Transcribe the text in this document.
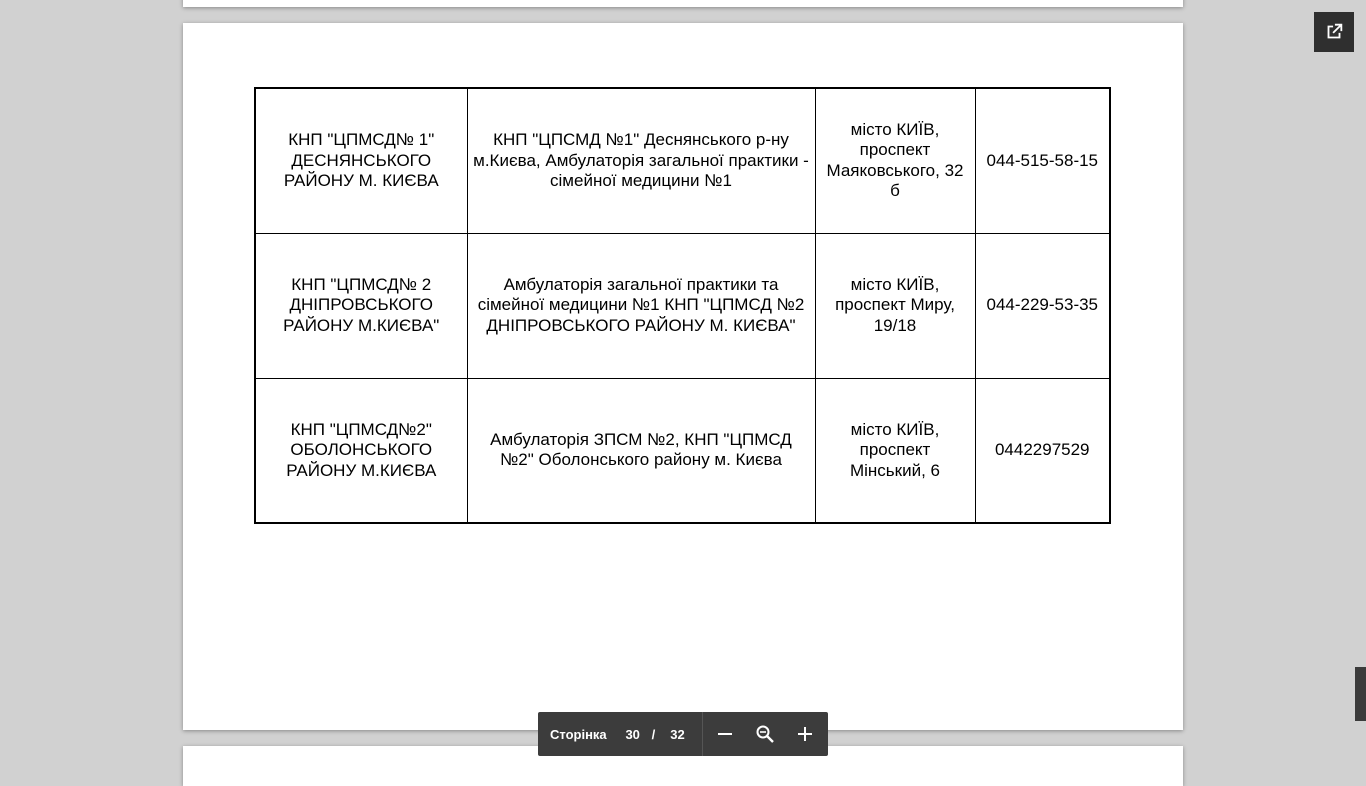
КНП "ЦПМСД№ 1" ДЕСНЯНСЬКОГО РАЙОНУ М. КИЄВА	КНП "ЦПСМД №1" Деснянського р-ну м.Києва, Амбулаторія загальної практики - сімейної медицини №1	місто КИЇВ, проспект Маяковського, 32 б	044-515-58-15
КНП "ЦПМСД№ 2 ДНІПРОВСЬКОГО РАЙОНУ М.КИЄВА"	Амбулаторія загальної практики та сімейної медицини №1 КНП "ЦПМСД №2 ДНІПРОВСЬКОГО РАЙОНУ М. КИЄВА"	місто КИЇВ, проспект Миру, 19/18	044-229-53-35
КНП "ЦПМСД№2" ОБОЛОНСЬКОГО РАЙОНУ М.КИЄВА	Амбулаторія ЗПСМ №2, КНП "ЦПМСД №2" Оболонського району м. Києва	місто КИЇВ, проспект Мінський, 6	0442297529
Сторінка 30 / 32
